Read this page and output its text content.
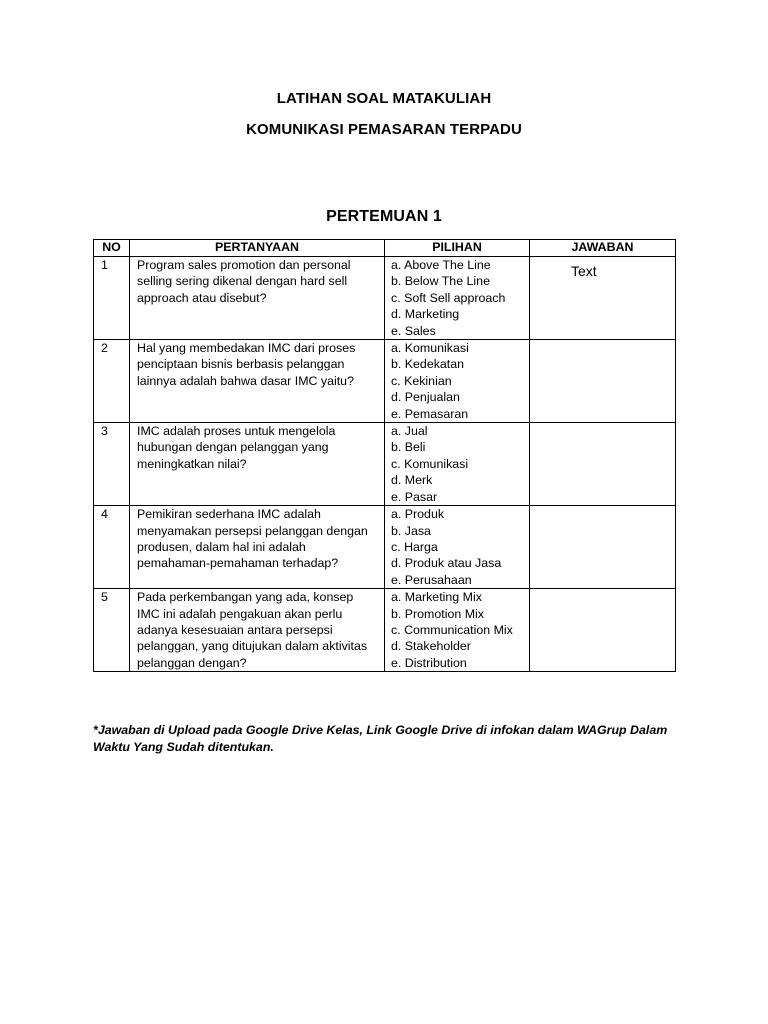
LATIHAN SOAL MATAKULIAH
KOMUNIKASI PEMASARAN TERPADU
PERTEMUAN 1
NO	PERTANYAAN	PILIHAN	JAWABAN
1	Program sales promotion dan personal selling sering dikenal dengan hard sell approach atau disebut?	a. Above The Line
b. Below The Line
c. Soft Sell approach
d. Marketing
e. Sales	Text

2	Hal yang membedakan IMC dari proses penciptaan bisnis berbasis pelanggan lainnya adalah bahwa dasar IMC yaitu?	a. Komunikasi
b. Kedekatan
c. Kekinian
d. Penjualan
e. Pemasaran	

3	IMC adalah proses untuk mengelola hubungan dengan pelanggan yang meningkatkan nilai?	a. Jual
b. Beli
c. Komunikasi
d. Merk
e. Pasar	

4	Pemikiran sederhana IMC adalah menyamakan persepsi pelanggan dengan produsen, dalam hal ini adalah pemahaman-pemahaman terhadap?	a. Produk
b. Jasa
c. Harga
d. Produk atau Jasa
e. Perusahaan	

5	Pada perkembangan yang ada, konsep IMC ini adalah pengakuan akan perlu adanya kesesuaian antara persepsi pelanggan, yang ditujukan dalam aktivitas pelanggan dengan?	a. Marketing Mix
b. Promotion Mix
c. Communication Mix
d. Stakeholder
e. Distribution	

*Jawaban di Upload pada Google Drive Kelas, Link Google Drive di infokan dalam WAGrup Dalam Waktu Yang Sudah ditentukan.
